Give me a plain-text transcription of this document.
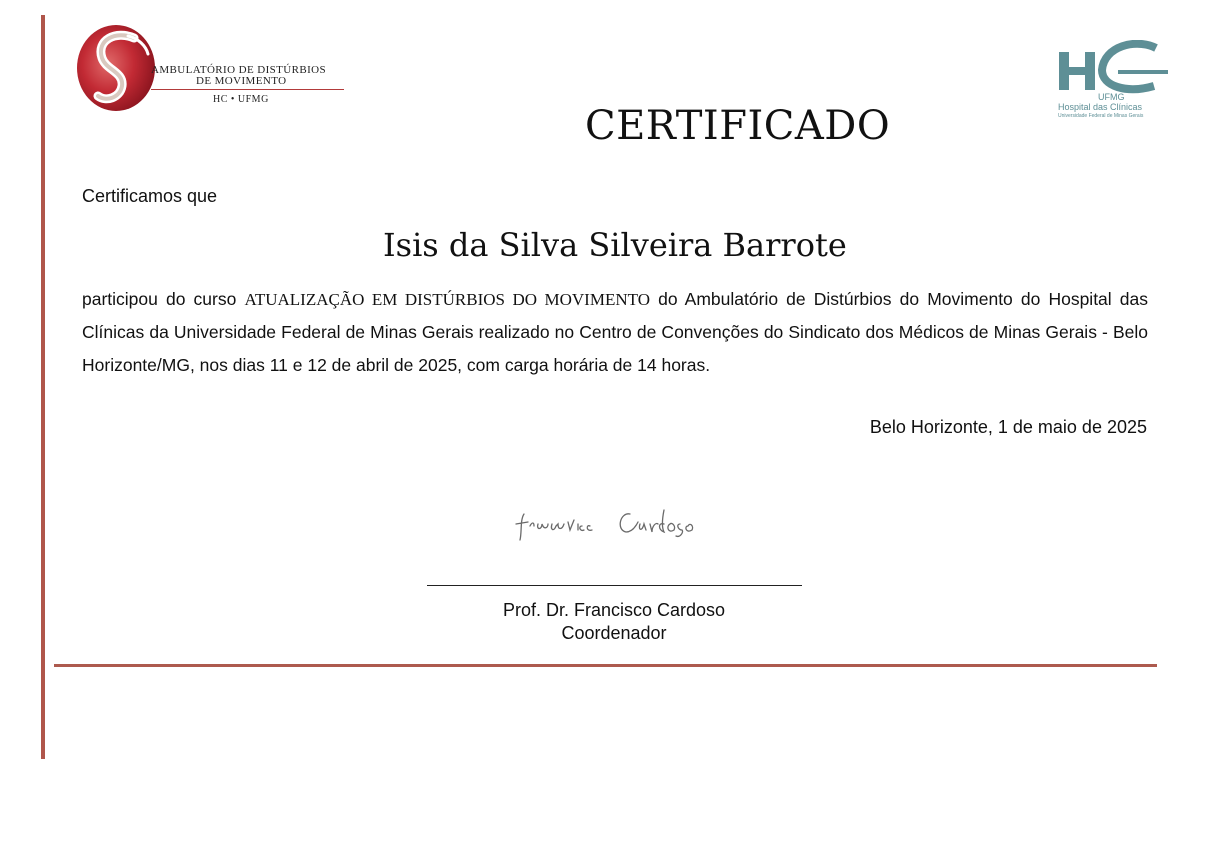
AMBULATÓRIO DE DISTÚRBIOS
DE MOVIMENTO
HC • UFMG	UFMG
Hospital das Clínicas
Universidade Federal de Minas Gerais
CERTIFICADO
Certificamos que
Isis da Silva Silveira Barrote
participou do curso ATUALIZAÇÃO EM DISTÚRBIOS DO MOVIMENTO do Ambulatório de Distúrbios do Movimento do Hospital das Clínicas da Universidade Federal de Minas Gerais realizado no Centro de Convenções do Sindicato dos Médicos de Minas Gerais - Belo Horizonte/MG, nos dias 11 e 12 de abril de 2025, com carga horária de 14 horas.
Belo Horizonte, 1 de maio de 2025
francisco Cardoso
Prof. Dr. Francisco Cardoso
Coordenador
